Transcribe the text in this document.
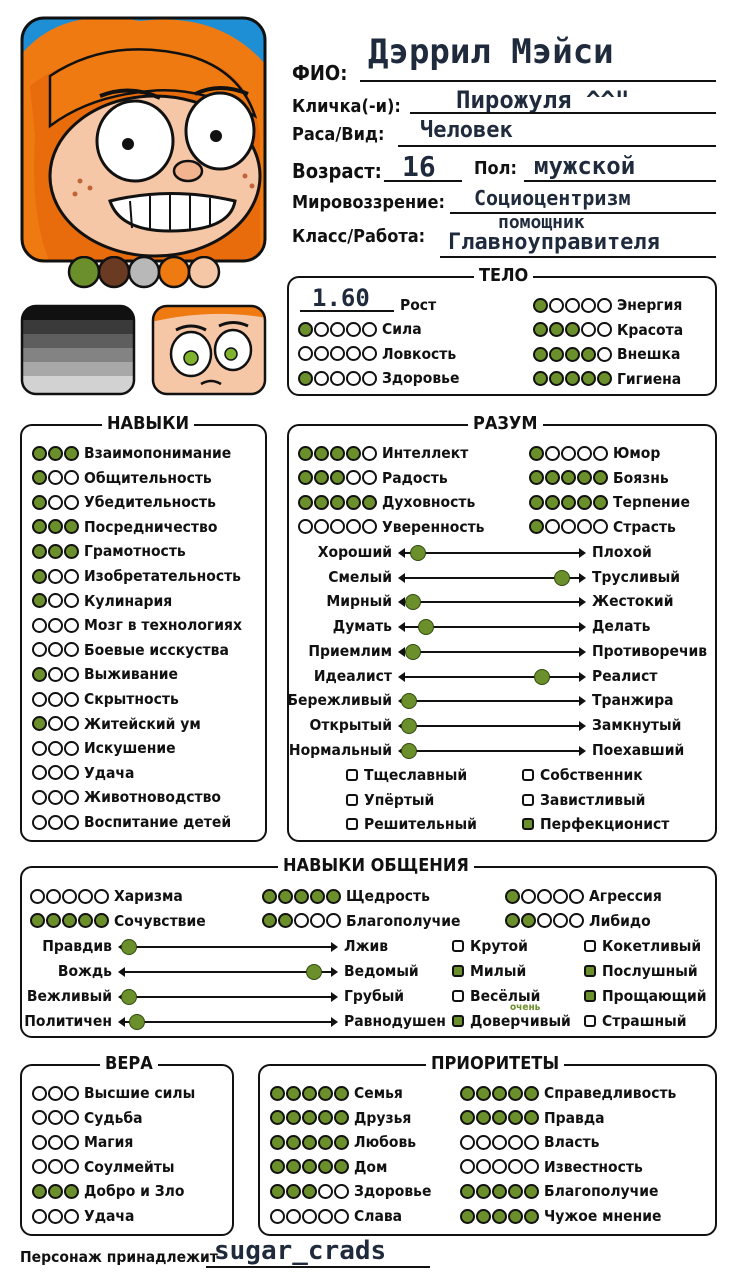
ФИО:
Дэррил Мэйси
Кличка(-и): Пирожуля ^^"
Раса/Вид: Человек
Возраст: 16 Пол: мужской
Мировоззрение: Социоцентризм
Класс/Работа:
помощник
Главноуправителя
ТЕЛО
1.60 Рост
Сила
Ловкость
Здоровье
Энергия
Красота
Внешка
Гигиена
НАВЫКИ
Взаимопонимание
Общительность
Убедительность
Посредничество
Грамотность
Изобретательность
Кулинария
Мозг в технологиях
Боевые исскуства
Выживание
Скрытность
Житейский ум
Искушение
Удача
Животноводство
Воспитание детей
РАЗУМ
Интеллект
Радость
Духовность
Уверенность
Юмор
Боязнь
Терпение
Страсть
Хороший	Плохой
Смелый	Трусливый
Мирный	Жестокий
Думать	Делать
Приемлим	Противоречив
Идеалист	Реалист
Бережливый	Транжира
Открытый	Замкнутый
Нормальный	Поехавший
Тщеславный	Собственник
Упёртый	Завистливый
Решительный	Перфекционист
НАВЫКИ ОБЩЕНИЯ
Харизма
Сочувствие
Щедрость
Благополучие
Агрессия
Либидо
Правдив	Лжив
Вождь	Ведомый
Вежливый	Грубый
Политичен	Равнодушен
Крутой	Кокетливый
Милый	Послушный
Весёлый	Прощающий
Доверчивый Страшный
очень
ВЕРА
Высшие силы
Судьба
Магия
Соулмейты
Добро и Зло
Удача
ПРИОРИТЕТЫ
Семья
Друзья
Любовь
Дом
Здоровье
Слава
Справедливость
Правда
Власть
Известность
Благополучие
Чужое мнение
Персонаж принадлежит
sugar_crads
